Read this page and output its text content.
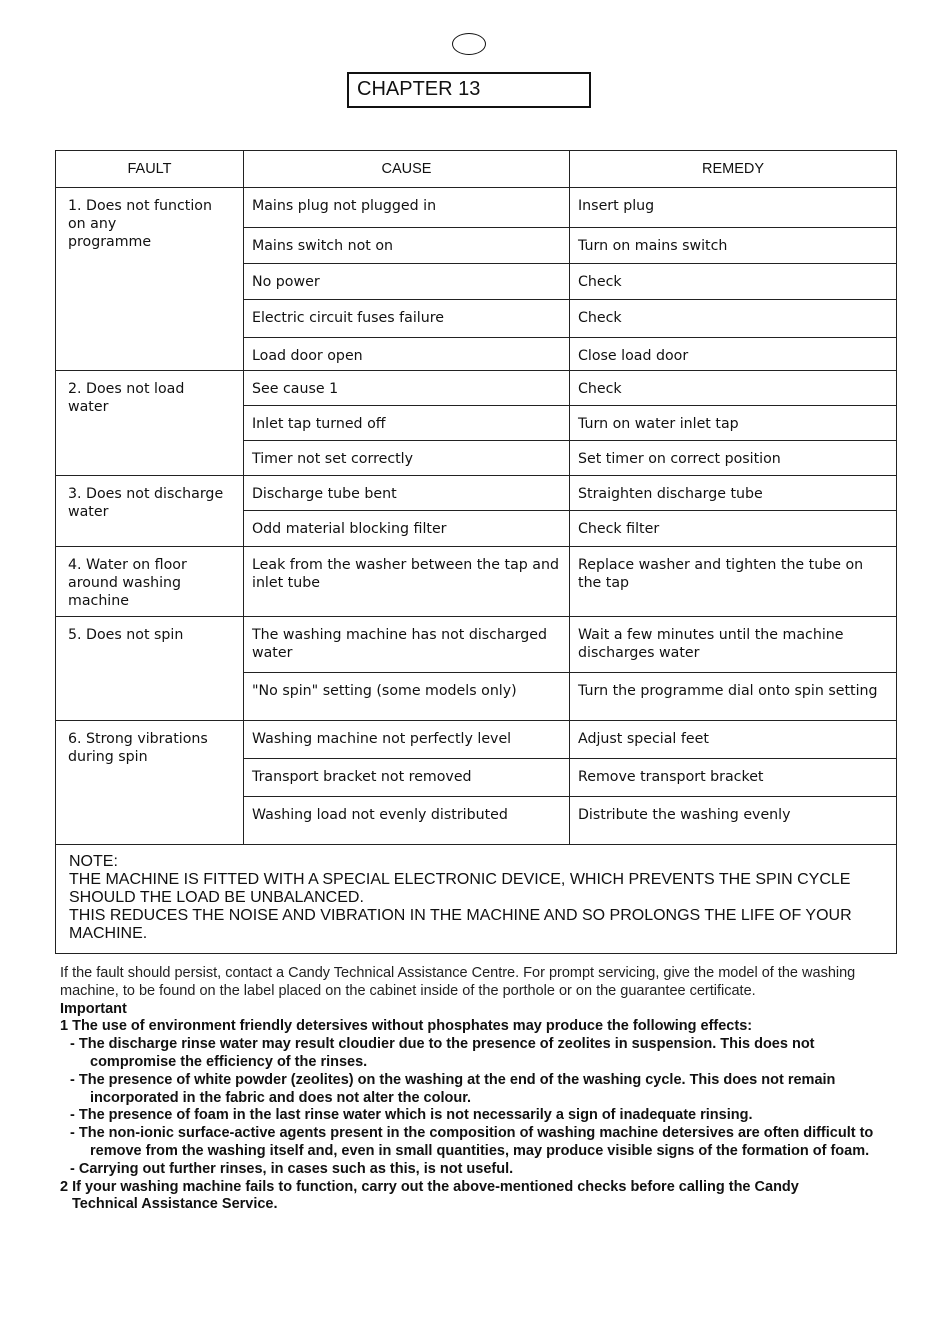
CHAPTER 13
FAULT	CAUSE	REMEDY

1. Does not function
on any
programme	Mains plug not plugged in	Insert plug
	Mains switch not on	Turn on mains switch
	No power	Check
	Electric circuit fuses failure	Check
	Load door open	Close load door

2. Does not load
water	See cause 1	Check
	Inlet tap turned off	Turn on water inlet tap
	Timer not set correctly	Set timer on correct position

3. Does not discharge
water	Discharge tube bent	Straighten discharge tube
	Odd material blocking filter	Check filter

4. Water on floor
around washing
machine	Leak from the washer between the tap and inlet tube	Replace washer and tighten the tube on the tap

5. Does not spin	The washing machine has not discharged water	Wait a few minutes until the machine discharges water
	"No spin" setting (some models only)	Turn the programme dial onto spin setting

6. Strong vibrations
during spin	Washing machine not perfectly level	Adjust special feet
	Transport bracket not removed	Remove transport bracket
	Washing load not evenly distributed	Distribute the washing evenly

NOTE:
THE MACHINE IS FITTED WITH A SPECIAL ELECTRONIC DEVICE, WHICH PREVENTS THE SPIN CYCLE SHOULD THE LOAD BE UNBALANCED.
THIS REDUCES THE NOISE AND VIBRATION IN THE MACHINE AND SO PROLONGS THE LIFE OF YOUR MACHINE.		

If the fault should persist, contact a Candy Technical Assistance Centre. For prompt servicing, give the model of the washing machine, to be found on the label placed on the cabinet inside of the porthole or on the guarantee certificate.

Important

1 The use of environment friendly detersives without phosphates may produce the following effects:

- The discharge rinse water may result cloudier due to the presence of zeolites in suspension. This does not compromise the efficiency of the rinses.

- The presence of white powder (zeolites) on the washing at the end of the washing cycle. This does not remain incorporated in the fabric and does not alter the colour.

- The presence of foam in the last rinse water which is not necessarily a sign of inadequate rinsing.

- The non-ionic surface-active agents present in the composition of washing machine detersives are often difficult to remove from the washing itself and, even in small quantities, may produce visible signs of the formation of foam.

- Carrying out further rinses, in cases such as this, is not useful.

2 If your washing machine fails to function, carry out the above-mentioned checks before calling the Candy

Technical Assistance Service.
